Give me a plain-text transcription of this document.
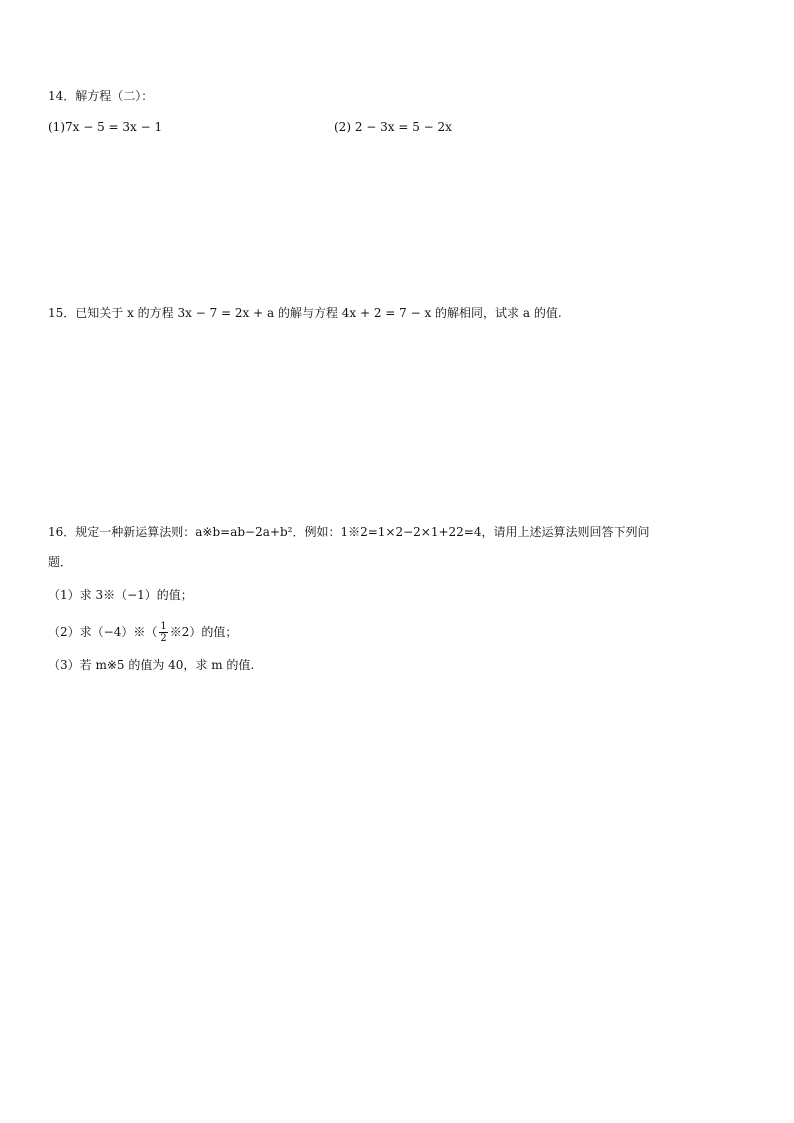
14．解方程（二）：
(1)7x − 5 = 3x − 1	(2) 2 − 3x = 5 − 2x
15．已知关于 x 的方程 3x − 7 = 2x + a 的解与方程 4x + 2 = 7 − x 的解相同，试求 a 的值.
16．规定一种新运算法则：a※b=ab−2a+b²．例如：1※2=1×2−2×1+22=4，请用上述运算法则回答下列问
题．
（1）求 3※（−1）的值；
（2）求（−4）※（ $\frac{1}{2}$ ※2）的值；
（3）若 m※5 的值为 40，求 m 的值.
